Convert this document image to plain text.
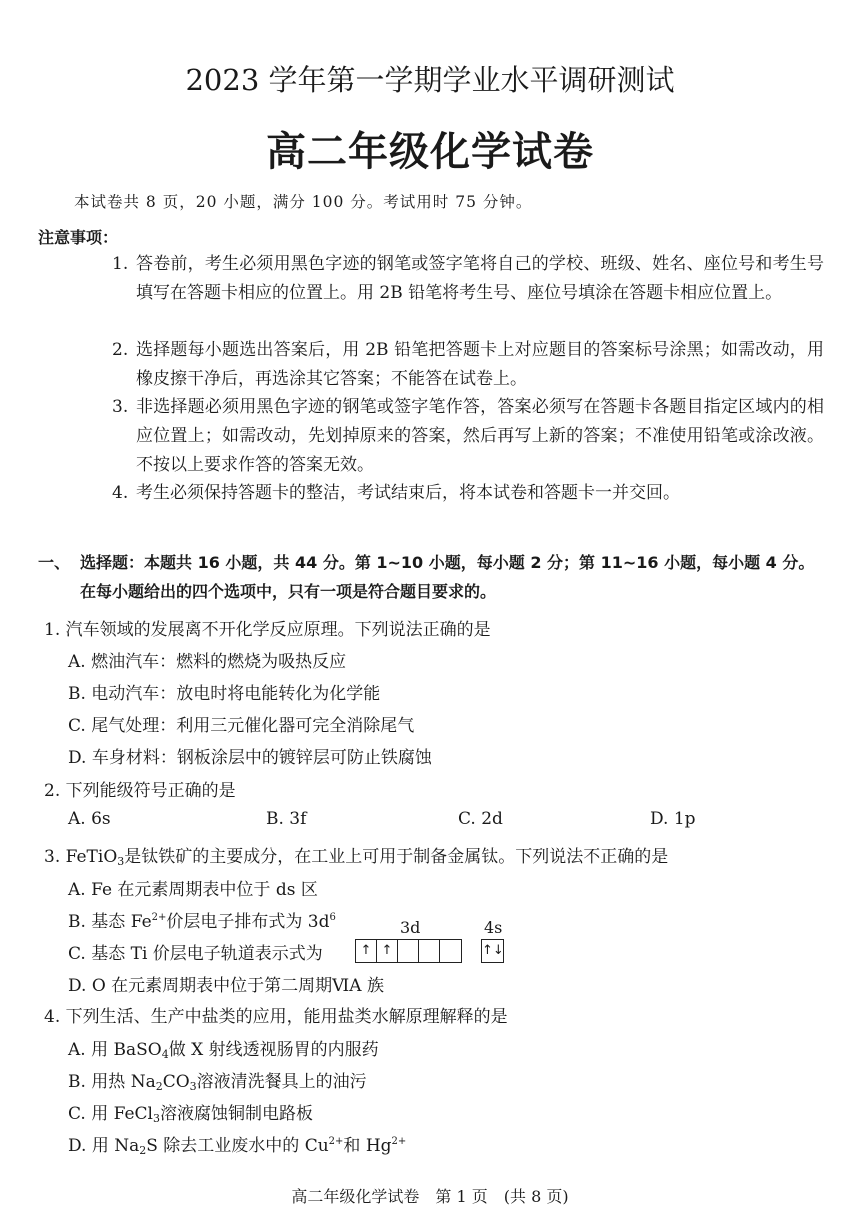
2023 学年第一学期学业水平调研测试
高二年级化学试卷
本试卷共 8 页，20 小题，满分 100 分。考试用时 75 分钟。
注意事项：
1. 答卷前，考生必须用黑色字迹的钢笔或签字笔将自己的学校、班级、姓名、座位号和考生号填写在答题卡相应的位置上。用 2B 铅笔将考生号、座位号填涂在答题卡相应位置上。
2. 选择题每小题选出答案后，用 2B 铅笔把答题卡上对应题目的答案标号涂黑；如需改动，用橡皮擦干净后，再选涂其它答案；不能答在试卷上。
3. 非选择题必须用黑色字迹的钢笔或签字笔作答，答案必须写在答题卡各题目指定区域内的相应位置上；如需改动，先划掉原来的答案，然后再写上新的答案；不准使用铅笔或涂改液。不按以上要求作答的答案无效。
4. 考生必须保持答题卡的整洁，考试结束后，将本试卷和答题卡一并交回。
一、 选择题：本题共 16 小题，共 44 分。第 1~10 小题，每小题 2 分；第 11~16 小题，每小题 4 分。在每小题给出的四个选项中，只有一项是符合题目要求的。
1. 汽车领域的发展离不开化学反应原理。下列说法正确的是
A. 燃油汽车：燃料的燃烧为吸热反应
B. 电动汽车：放电时将电能转化为化学能
C. 尾气处理：利用三元催化器可完全消除尾气
D. 车身材料：钢板涂层中的镀锌层可防止铁腐蚀
2. 下列能级符号正确的是
A. 6s	B. 3f	C. 2d	D. 1p
3. FeTiO$_3$是钛铁矿的主要成分，在工业上可用于制备金属钛。下列说法不正确的是
A. Fe 在元素周期表中位于 ds 区
B. 基态 $Fe^{2+}$价层电子排布式为 $3d^6$
C. 基态 Ti 价层电子轨道表示式为
3d
↑ ↑
4s
↑↓
D. O 在元素周期表中位于第二周期ⅥA 族
4. 下列生活、生产中盐类的应用，能用盐类水解原理解释的是
A. 用 BaSO$_4$做 X 射线透视肠胃的内服药
B. 用热 $Na_2CO_3$溶液清洗餐具上的油污
C. 用 FeCl$_3$溶液腐蚀铜制电路板
D. 用 $Na_2S$ 除去工业废水中的 $Cu^{2+}$和 $Hg^{2+}$
高二年级化学试卷　第 1 页　(共 8 页)
